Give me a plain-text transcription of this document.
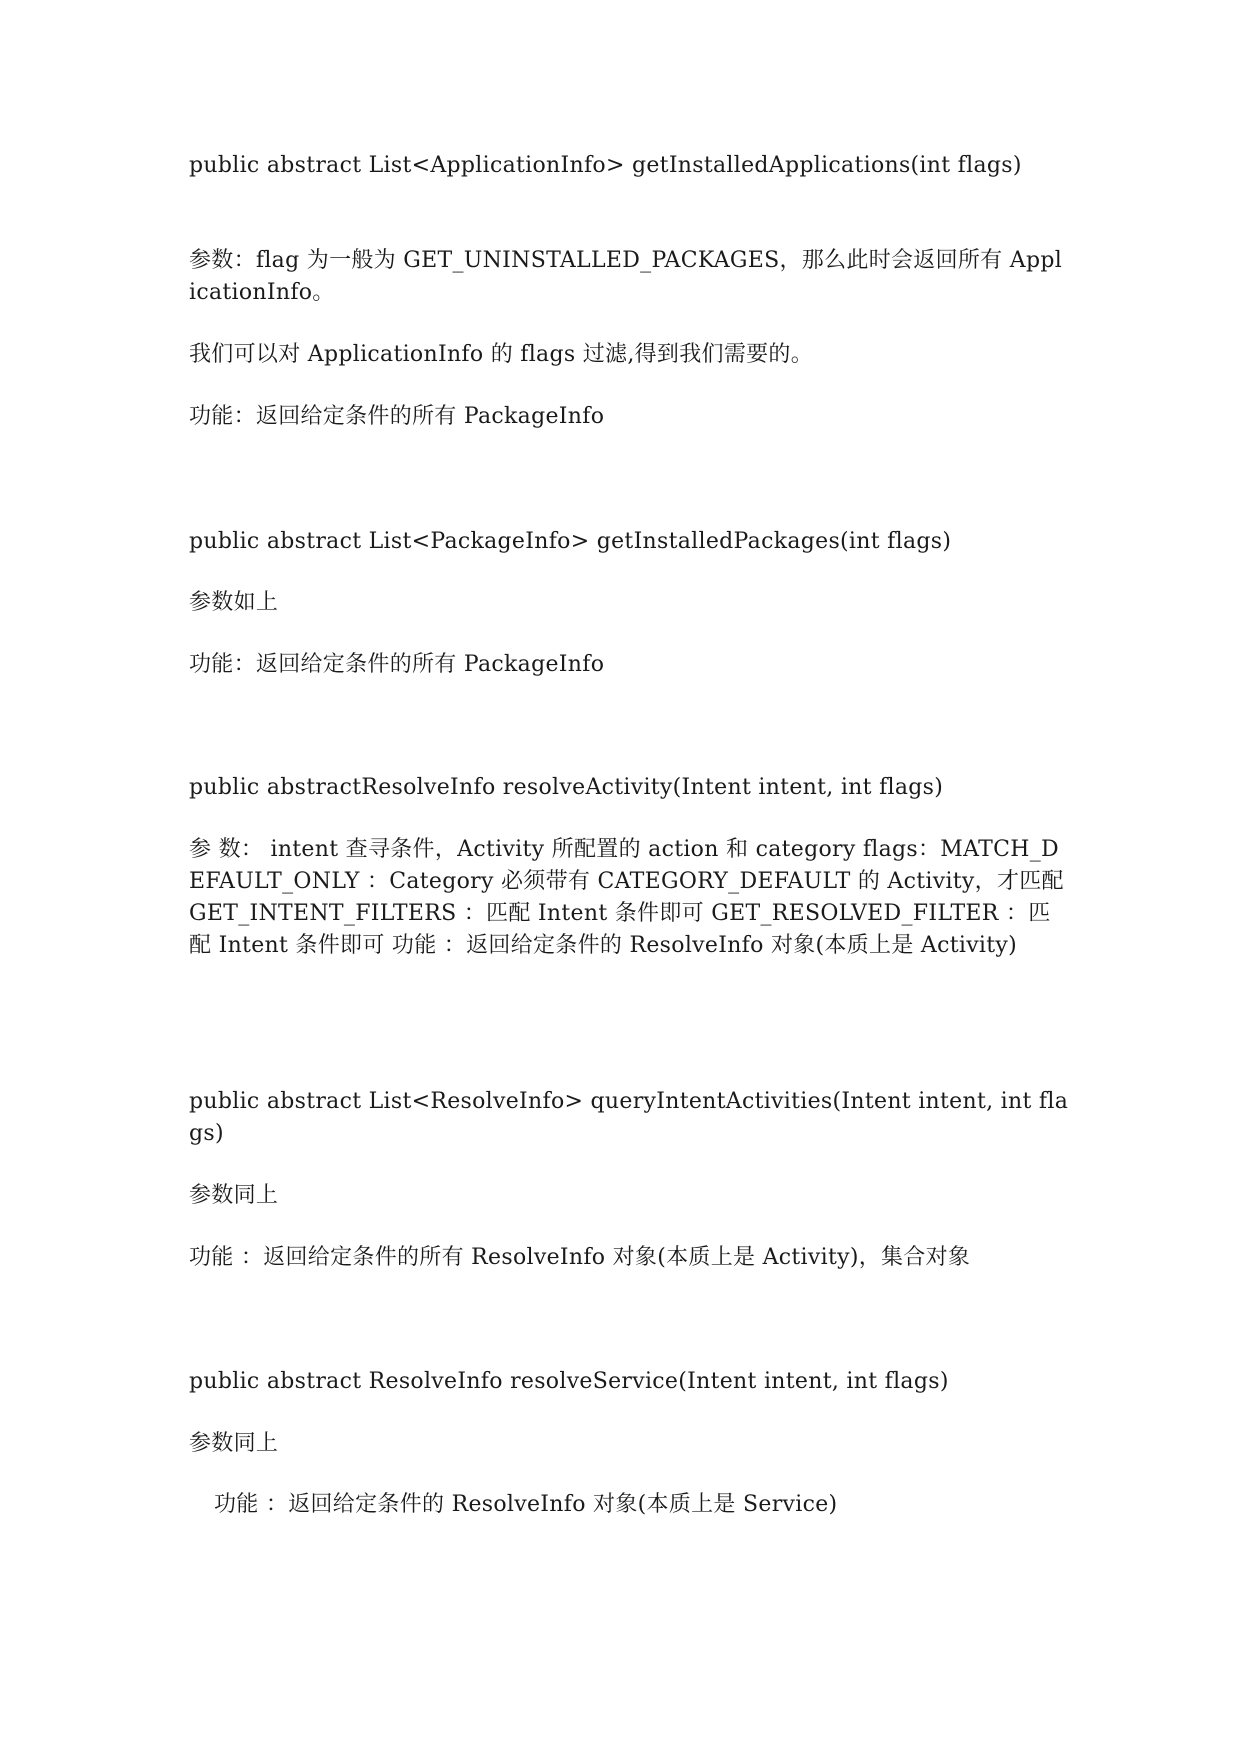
public abstract List<ApplicationInfo> getInstalledApplications(int flags)
参数：flag 为一般为 GET_UNINSTALLED_PACKAGES，那么此时会返回所有 ApplicationInfo。
我们可以对 ApplicationInfo 的 flags 过滤,得到我们需要的。
功能：返回给定条件的所有 PackageInfo
public abstract List<PackageInfo> getInstalledPackages(int flags)
参数如上
功能：返回给定条件的所有 PackageInfo
public abstractResolveInfo resolveActivity(Intent intent, int flags)
参 数： intent 查寻条件，Activity 所配置的 action 和 category flags：MATCH_DEFAULT_ONLY ：Category 必须带有 CATEGORY_DEFAULT 的 Activity，才匹配 GET_INTENT_FILTERS ：匹配 Intent 条件即可 GET_RESOLVED_FILTER ：匹配 Intent 条件即可 功能 ：返回给定条件的 ResolveInfo 对象(本质上是 Activity)
public abstract List<ResolveInfo> queryIntentActivities(Intent intent, int flags)
参数同上
功能 ：返回给定条件的所有 ResolveInfo 对象(本质上是 Activity)，集合对象
public abstract ResolveInfo resolveService(Intent intent, int flags)
参数同上
功能 ：返回给定条件的 ResolveInfo 对象(本质上是 Service)
